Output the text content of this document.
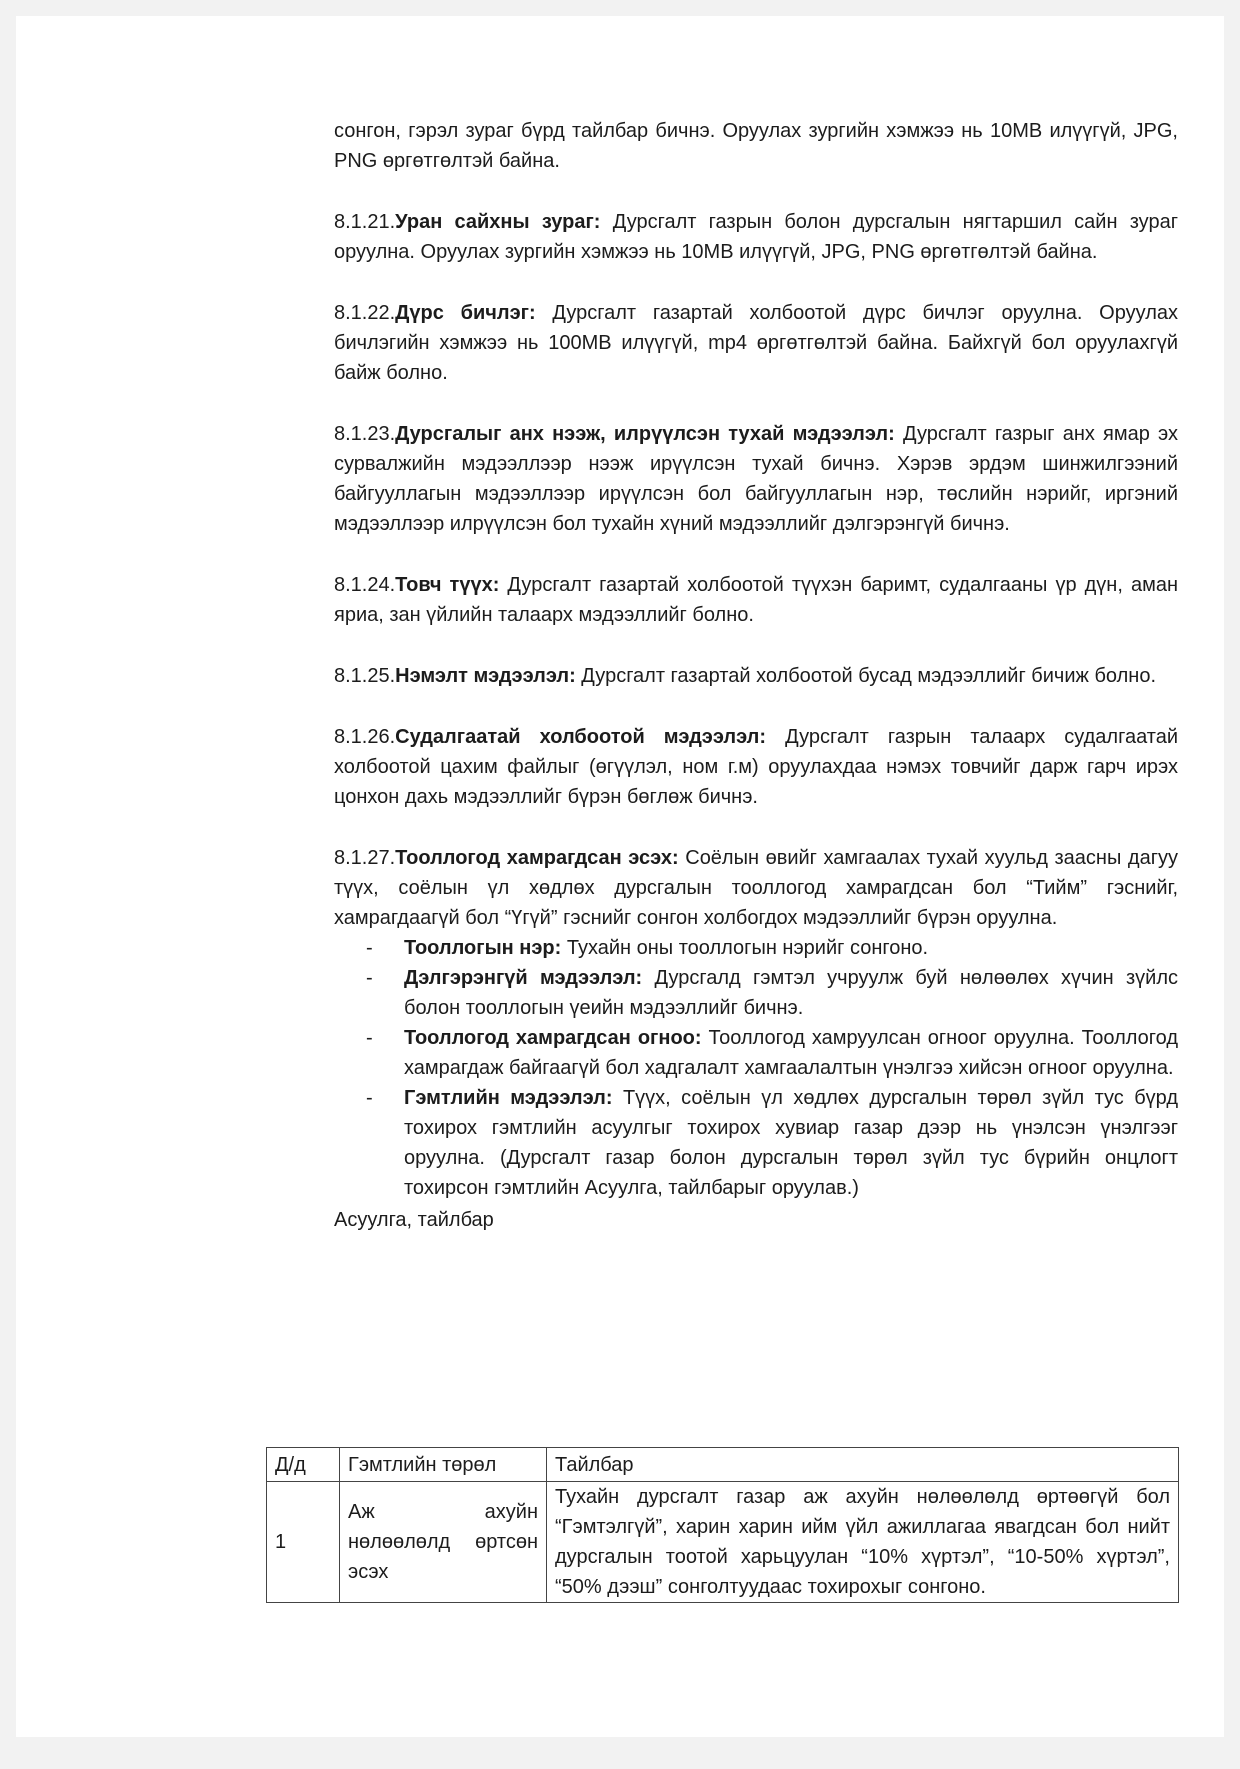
сонгон, гэрэл зураг бүрд тайлбар бичнэ. Оруулах зургийн хэмжээ нь 10MB илүүгүй, JPG, PNG өргөтгөлтэй байна.

8.1.21.Уран сайхны зураг: Дурсгалт газрын болон дурсгалын нягтаршил сайн зураг оруулна. Оруулах зургийн хэмжээ нь 10MB илүүгүй, JPG, PNG өргөтгөлтэй байна.

8.1.22.Дүрс бичлэг: Дурсгалт газартай холбоотой дүрс бичлэг оруулна. Оруулах бичлэгийн хэмжээ нь 100MB илүүгүй, mp4 өргөтгөлтэй байна. Байхгүй бол оруулахгүй байж болно.

8.1.23.Дурсгалыг анх нээж, илрүүлсэн тухай мэдээлэл: Дурсгалт газрыг анх ямар эх сурвалжийн мэдээллээр нээж ирүүлсэн тухай бичнэ. Хэрэв эрдэм шинжилгээний байгууллагын мэдээллээр ирүүлсэн бол байгууллагын нэр, төслийн нэрийг, иргэний мэдээллээр илрүүлсэн бол тухайн хүний мэдээллийг дэлгэрэнгүй бичнэ.

8.1.24.Товч түүх: Дурсгалт газартай холбоотой түүхэн баримт, судалгааны үр дүн, аман яриа, зан үйлийн талаарх мэдээллийг болно.

8.1.25.Нэмэлт мэдээлэл: Дурсгалт газартай холбоотой бусад мэдээллийг бичиж болно.

8.1.26.Судалгаатай холбоотой мэдээлэл: Дурсгалт газрын талаарх судалгаатай холбоотой цахим файлыг (өгүүлэл, ном г.м) оруулахдаа нэмэх товчийг дарж гарч ирэх цонхон дахь мэдээллийг бүрэн бөглөж бичнэ.

8.1.27.Тооллогод хамрагдсан эсэх: Соёлын өвийг хамгаалах тухай хуульд заасны дагуу түүх, соёлын үл хөдлөх дурсгалын тооллогод хамрагдсан бол “Тийм” гэснийг, хамрагдаагүй бол “Үгүй” гэснийг сонгон холбогдох мэдээллийг бүрэн оруулна.

- Тооллогын нэр: Тухайн оны тооллогын нэрийг сонгоно.
- Дэлгэрэнгүй мэдээлэл: Дурсгалд гэмтэл учруулж буй нөлөөлөх хүчин зүйлс болон тооллогын үеийн мэдээллийг бичнэ.
- Тооллогод хамрагдсан огноо: Тооллогод хамруулсан огноог оруулна. Тооллогод хамрагдаж байгаагүй бол хадгалалт хамгаалалтын үнэлгээ хийсэн огноог оруулна.
- Гэмтлийн мэдээлэл: Түүх, соёлын үл хөдлөх дурсгалын төрөл зүйл тус бүрд тохирох гэмтлийн асуулгыг тохирох хувиар газар дээр нь үнэлсэн үнэлгээг оруулна. (Дурсгалт газар болон дурсгалын төрөл зүйл тус бүрийн онцлогт тохирсон гэмтлийн Асуулга, тайлбарыг оруулав.)
Асуулга, тайлбар
Д/д	Гэмтлийн төрөл	Тайлбар
1	Аж ахуйн нөлөөлөлд өртсөн эсэх	Тухайн дурсгалт газар аж ахуйн нөлөөлөлд өртөөгүй бол “Гэмтэлгүй”, харин харин ийм үйл ажиллагаа явагдсан бол нийт дурсгалын тоотой харьцуулан “10% хүртэл”, “10-50% хүртэл”, “50% дээш” сонголтуудаас тохирохыг сонгоно.
